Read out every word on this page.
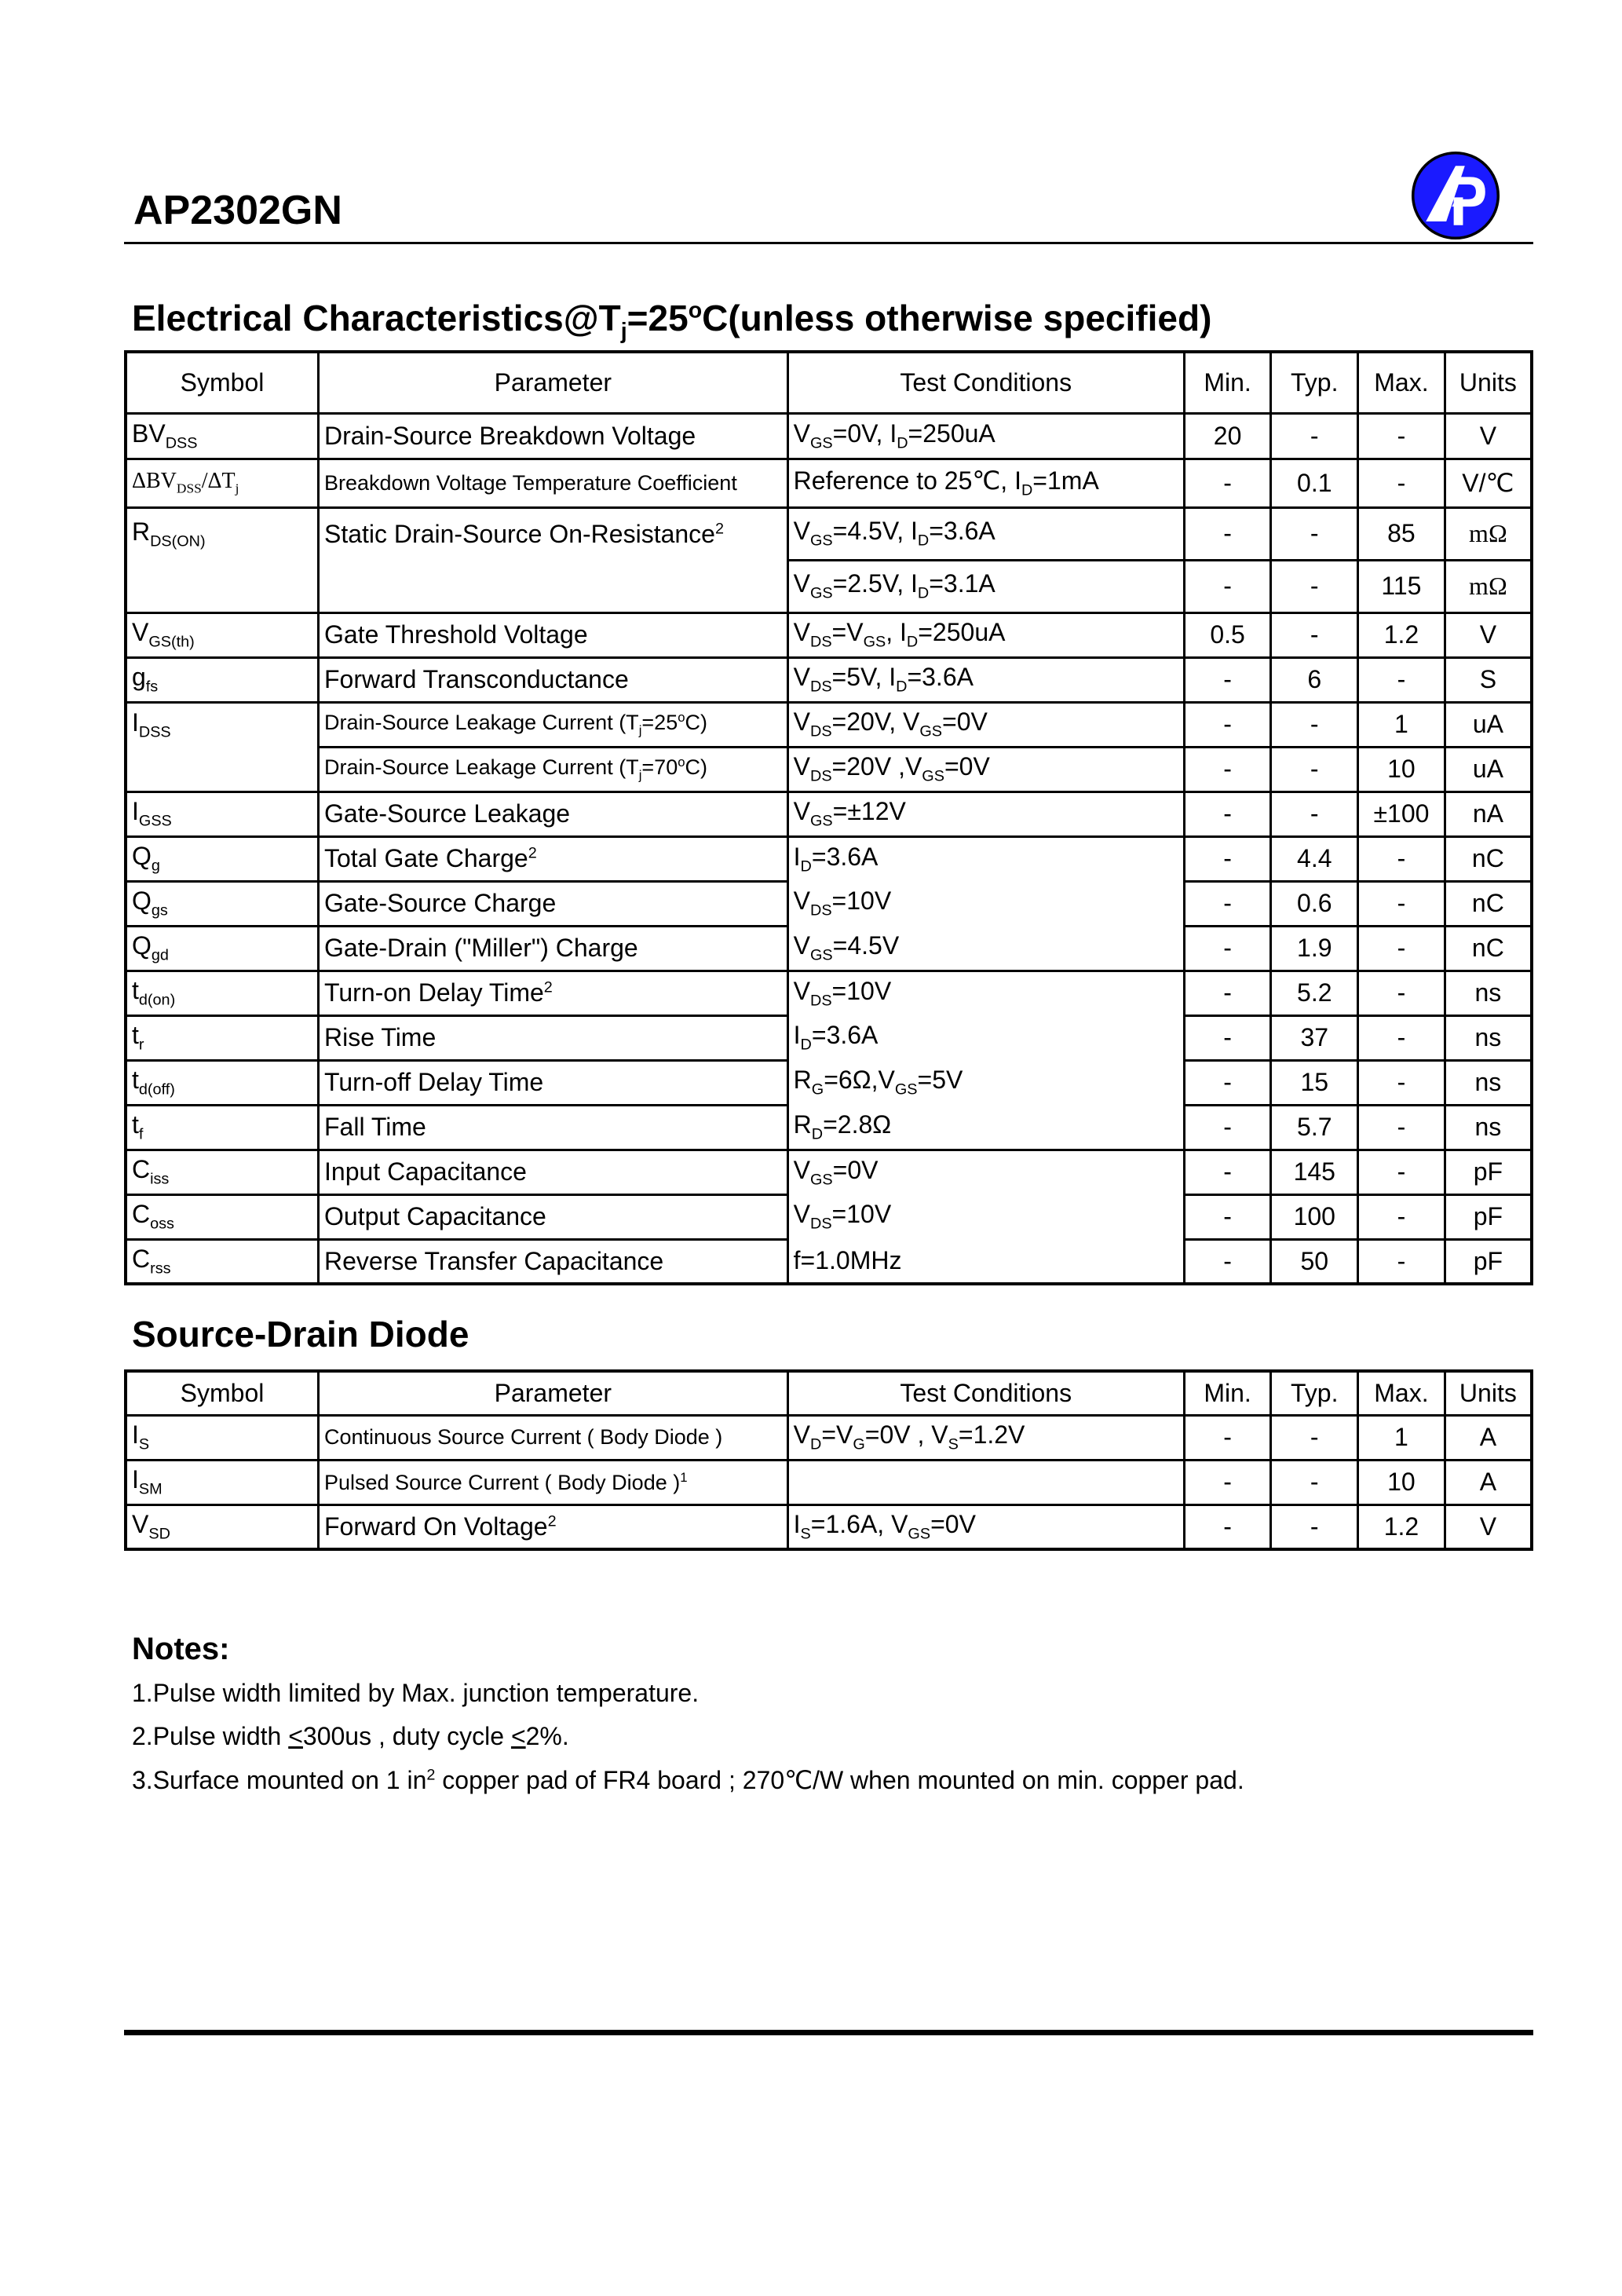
AP2302GN
Electrical $Characteristics@T_j=25^oC(unless$ otherwise specified)
Symbol	Parameter	Test Conditions	Min.	Typ.	Max.	Units
$BV_{DSS}$	Drain-Source Breakdown Voltage	$V_{GS}=0V$, $I_D=250uA$	20	-	-	V
$\Delta BV_{DSS}/\Delta T_j$	Breakdown Voltage Temperature Coefficient	Reference to 25℃, $I_D=1mA$	-	0.1	-	V/℃
$R_{DS(ON)}$	Static Drain-Source On-Resistance$^2$	$V_{GS}=4.5V$, $I_D=3.6A$	-	-	85	mΩ
		$V_{GS}=2.5V$, $I_D=3.1A$	-	-	115	mΩ
$V_{GS(th)}$	Gate Threshold Voltage	$V_{DS}=V_{GS}$, $I_D=250uA$	0.5	-	1.2	V
$g_{fs}$	Forward Transconductance	$V_{DS}=5V$, $I_D=3.6A$	-	6	-	S
$I_{DSS}$	Drain-Source Leakage Current $(T_j=25^oC)$	$V_{DS}=20V$, $V_{GS}=0V$	-	-	1	uA
	Drain-Source Leakage Current $(T_j=70^oC)$	$V_{DS}=20V$ $,V_{GS}=0V$	-	-	10	uA
$I_{GSS}$	Gate-Source Leakage	$V_{GS}=\pm 12V$	-	-	±100	nA
$Q_g$	Total Gate Charge$^2$	$I_D=3.6A$	-	4.4	-	nC
$Q_{gs}$	Gate-Source Charge	$V_{DS}=10V$	-	0.6	-	nC
$Q_{gd}$	Gate-Drain ("Miller") Charge	$V_{GS}=4.5V$	-	1.9	-	nC
$t_{d(on)}$	Turn-on Delay Time$^2$	$V_{DS}=10V$	-	5.2	-	ns
$t_r$	Rise Time	$I_D=3.6A$	-	37	-	ns
$t_{d(off)}$	Turn-off Delay Time	$R_G=6\Omega,V_{GS}=5V$	-	15	-	ns
$t_f$	Fall Time	$R_D=2.8\Omega$	-	5.7	-	ns
$C_{iss}$	Input Capacitance	$V_{GS}=0V$	-	145	-	pF
$C_{oss}$	Output Capacitance	$V_{DS}=10V$	-	100	-	pF
$C_{rss}$	Reverse Transfer Capacitance	f=1.0MHz	-	50	-	pF
Source-Drain Diode
Symbol	Parameter	Test Conditions	Min.	Typ.	Max.	Units
$I_S$	Continuous Source Current ( Body Diode )	$V_D=V_G=0V$ , $V_S=1.2V$	-	-	1	A
$I_{SM}$	Pulsed Source Current ( Body Diode )$^1$		-	-	10	A
$V_{SD}$	Forward On Voltage$^2$	$I_S=1.6A$, $V_{GS}=0V$	-	-	1.2	V
Notes:
1.Pulse width limited by Max. junction temperature.
2.Pulse width <300us , duty cycle <2%.
3.Surface mounted on 1 $in^2$ copper pad of FR4 board ; 270℃/W when mounted on min. copper pad.
